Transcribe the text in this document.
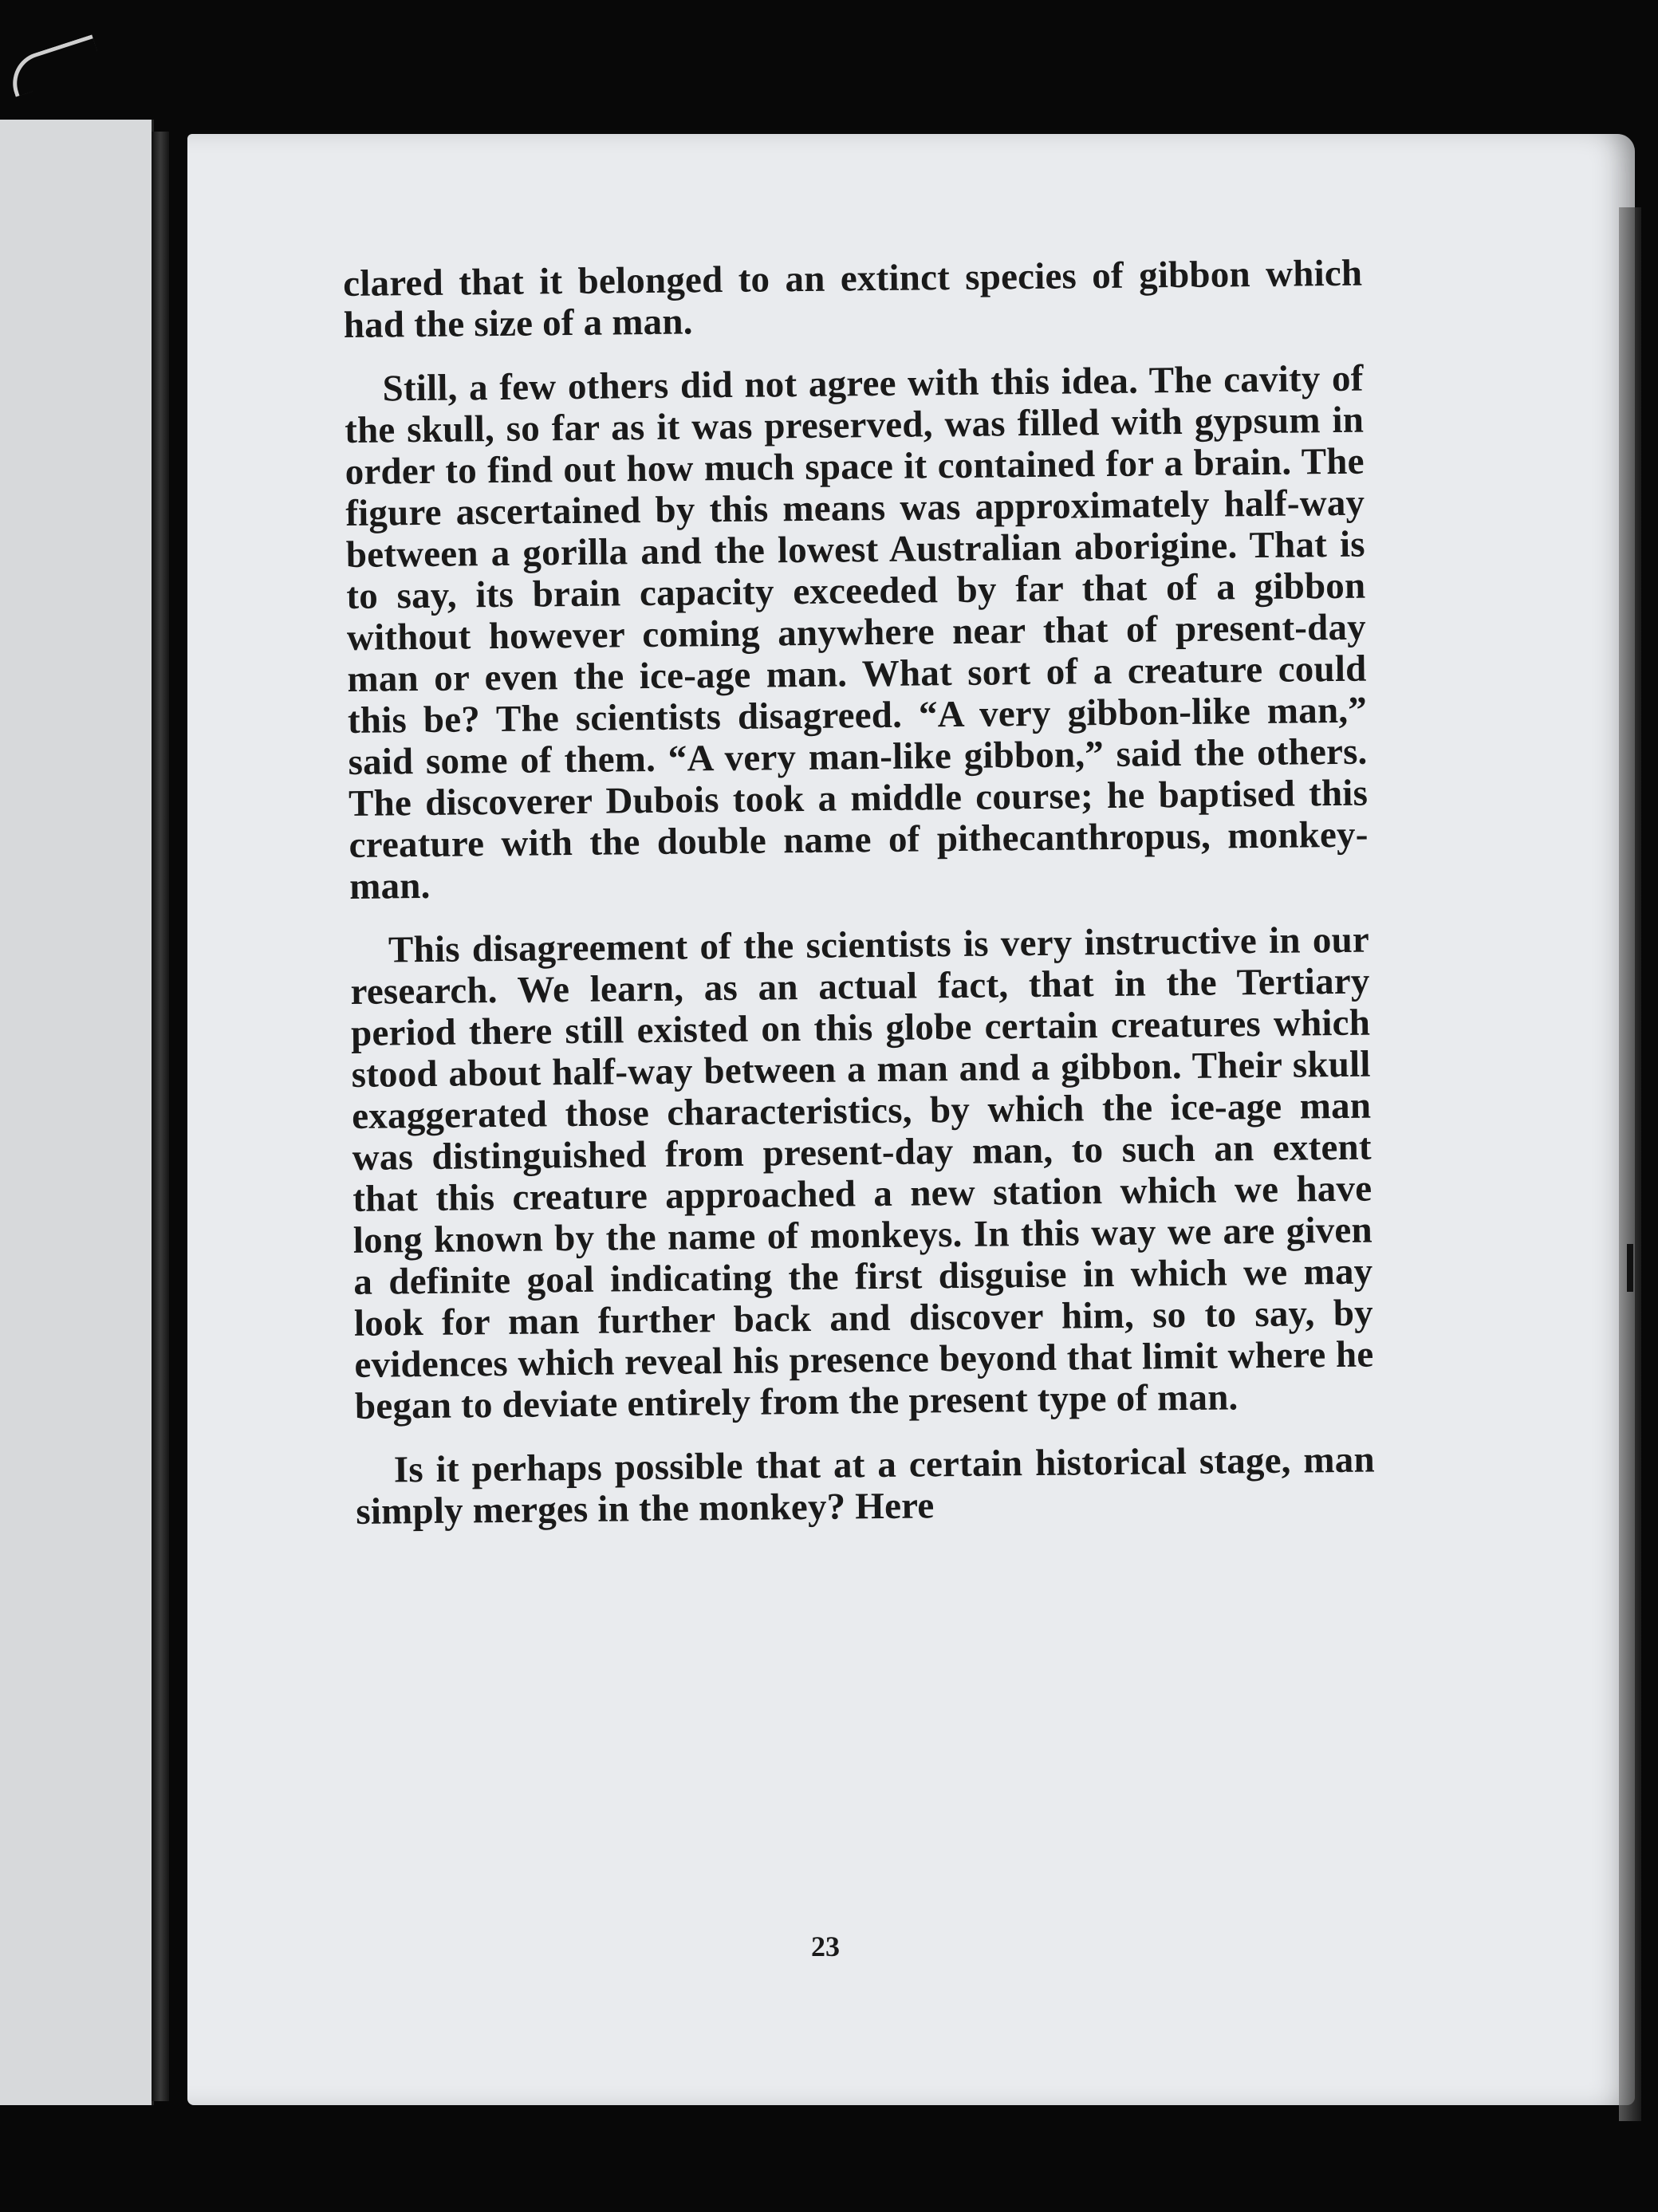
clared that it belonged to an extinct species of gibbon which had the size of a man.

Still, a few others did not agree with this idea. The cavity of the skull, so far as it was preserved, was filled with gypsum in order to find out how much space it contained for a brain. The figure ascertained by this means was approximately half-way between a gorilla and the lowest Australian aborigine. That is to say, its brain capacity exceeded by far that of a gibbon without however coming anywhere near that of present-day man or even the ice-age man. What sort of a creature could this be? The scientists disagreed. “A very gibbon-like man,” said some of them. “A very man-like gibbon,” said the others. The discoverer Dubois took a middle course; he baptised this creature with the double name of pithecanthropus, monkey-man.

This disagreement of the scientists is very instructive in our research. We learn, as an actual fact, that in the Tertiary period there still existed on this globe certain creatures which stood about half-way between a man and a gibbon. Their skull exaggerated those characteristics, by which the ice-age man was distinguished from present-day man, to such an extent that this creature approached a new station which we have long known by the name of monkeys. In this way we are given a definite goal indicating the first disguise in which we may look for man further back and discover him, so to say, by evidences which reveal his presence beyond that limit where he began to deviate entirely from the present type of man.

Is it perhaps possible that at a certain historical stage, man simply merges in the monkey? Here

23
